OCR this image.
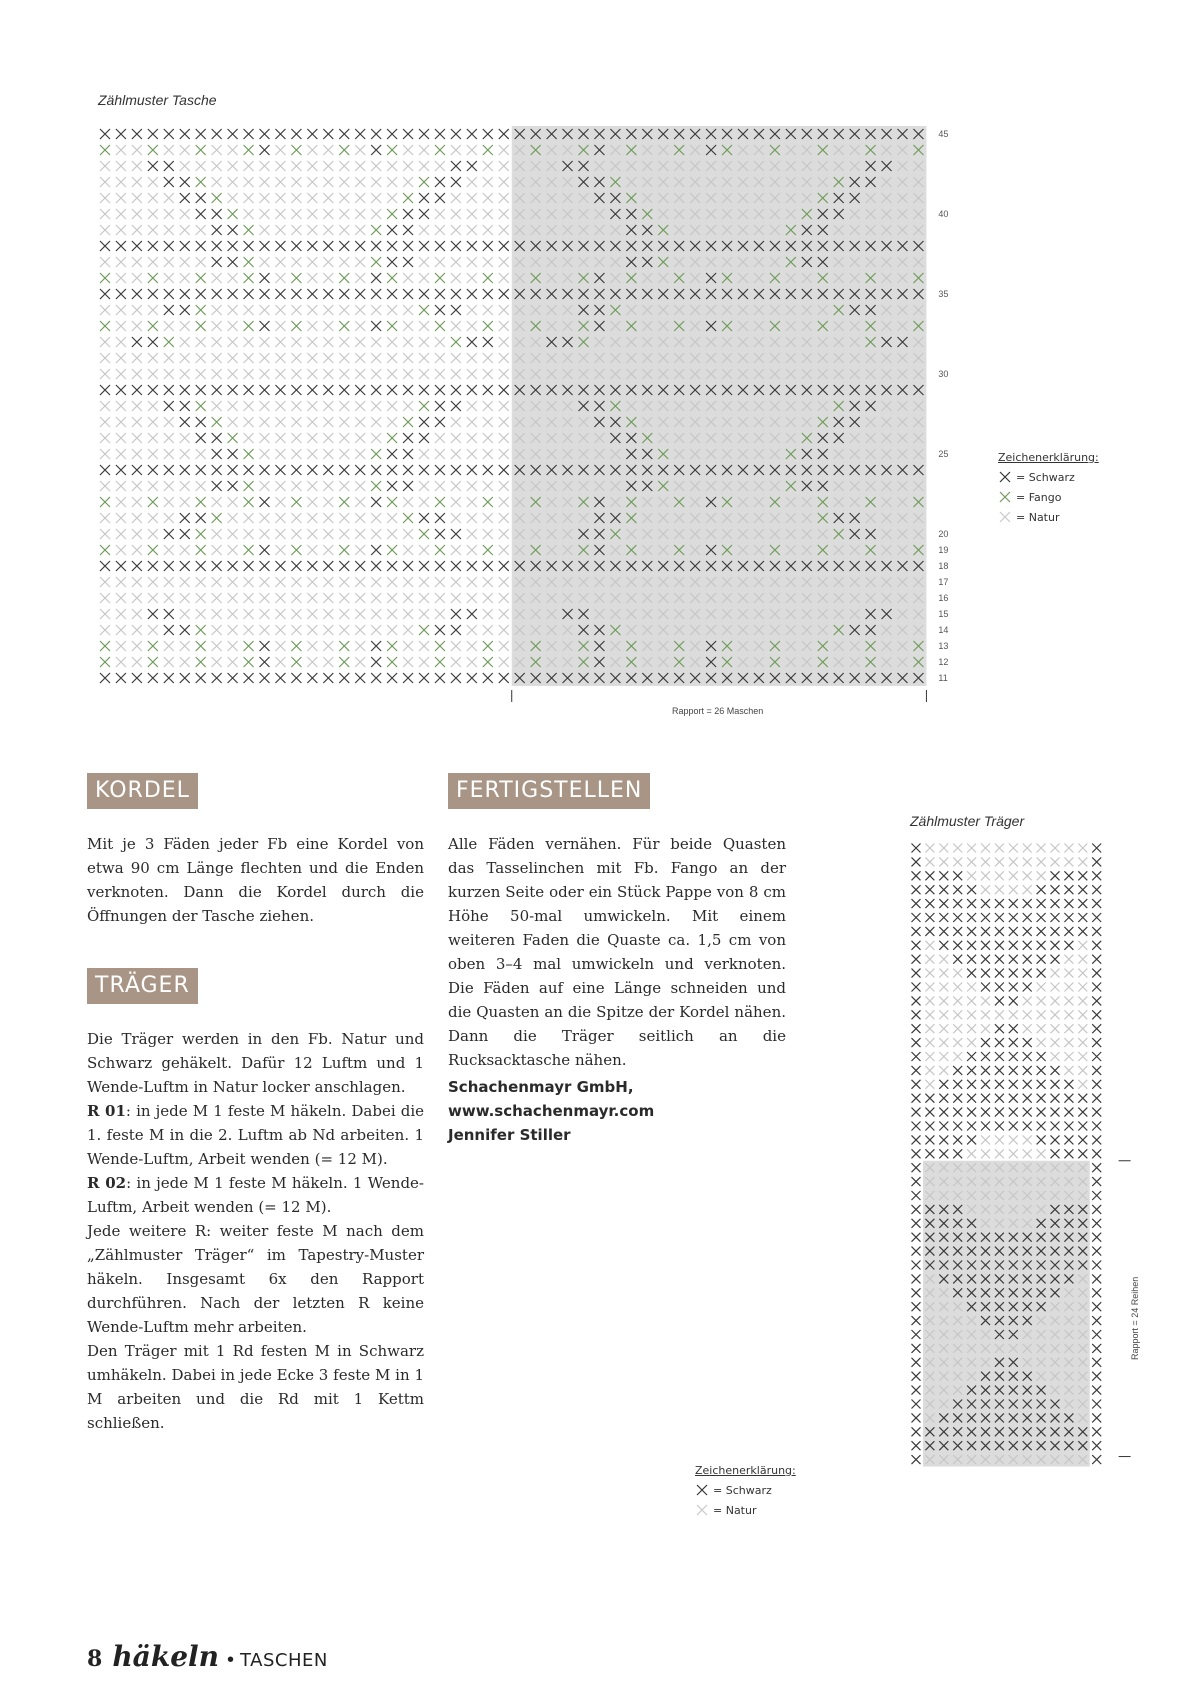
Zählmuster Tasche
45
40
35
30
25
20
19
18
17
16
15
14
13
12
11
Rapport = 26 Maschen
Zeichenerklärung:
= Schwarz
= Fango
= Natur
KORDEL	FERTIGSTELLEN
TRÄGER

Mit je 3 Fäden jeder Fb eine Kordel von etwa 90 cm Länge flechten und die Enden verknoten. Dann die Kordel durch die Öffnungen der Tasche ziehen.

Die Träger werden in den Fb. Natur und Schwarz gehäkelt. Dafür 12 Luftm und 1 Wende-Luftm in Natur locker anschlagen.

R 01: in jede M 1 feste M häkeln. Dabei die 1. feste M in die 2. Luftm ab Nd arbeiten. 1 Wende-Luftm, Arbeit wenden (= 12 M).

R 02: in jede M 1 feste M häkeln. 1 Wende-Luftm, Arbeit wenden (= 12 M).

Jede weitere R: weiter feste M nach dem „Zählmuster Träger“ im Tapestry-Muster häkeln. Insgesamt 6x den Rapport durchführen. Nach der letzten R keine Wende-Luftm mehr arbeiten.

Den Träger mit 1 Rd festen M in Schwarz umhäkeln. Dabei in jede Ecke 3 feste M in 1 M arbeiten und die Rd mit 1 Kettm schließen.

Alle Fäden vernähen. Für beide Quasten das Tasselinchen mit Fb. Fango an der kurzen Seite oder ein Stück Pappe von 8 cm Höhe 50-mal umwickeln. Mit einem weiteren Faden die Quaste ca. 1,5 cm von oben 3–4 mal umwickeln und verknoten. Die Fäden auf eine Länge schneiden und die Quasten an die Spitze der Kordel nähen. Dann die Träger seitlich an die Rucksacktasche nähen.

Schachenmayr GmbH,
www.schachenmayr.com
Jennifer Stiller
Zählmuster Träger
Rapport = 24 Reihen
Zeichenerklärung:
= Schwarz
= Natur
8 häkeln • TASCHEN
